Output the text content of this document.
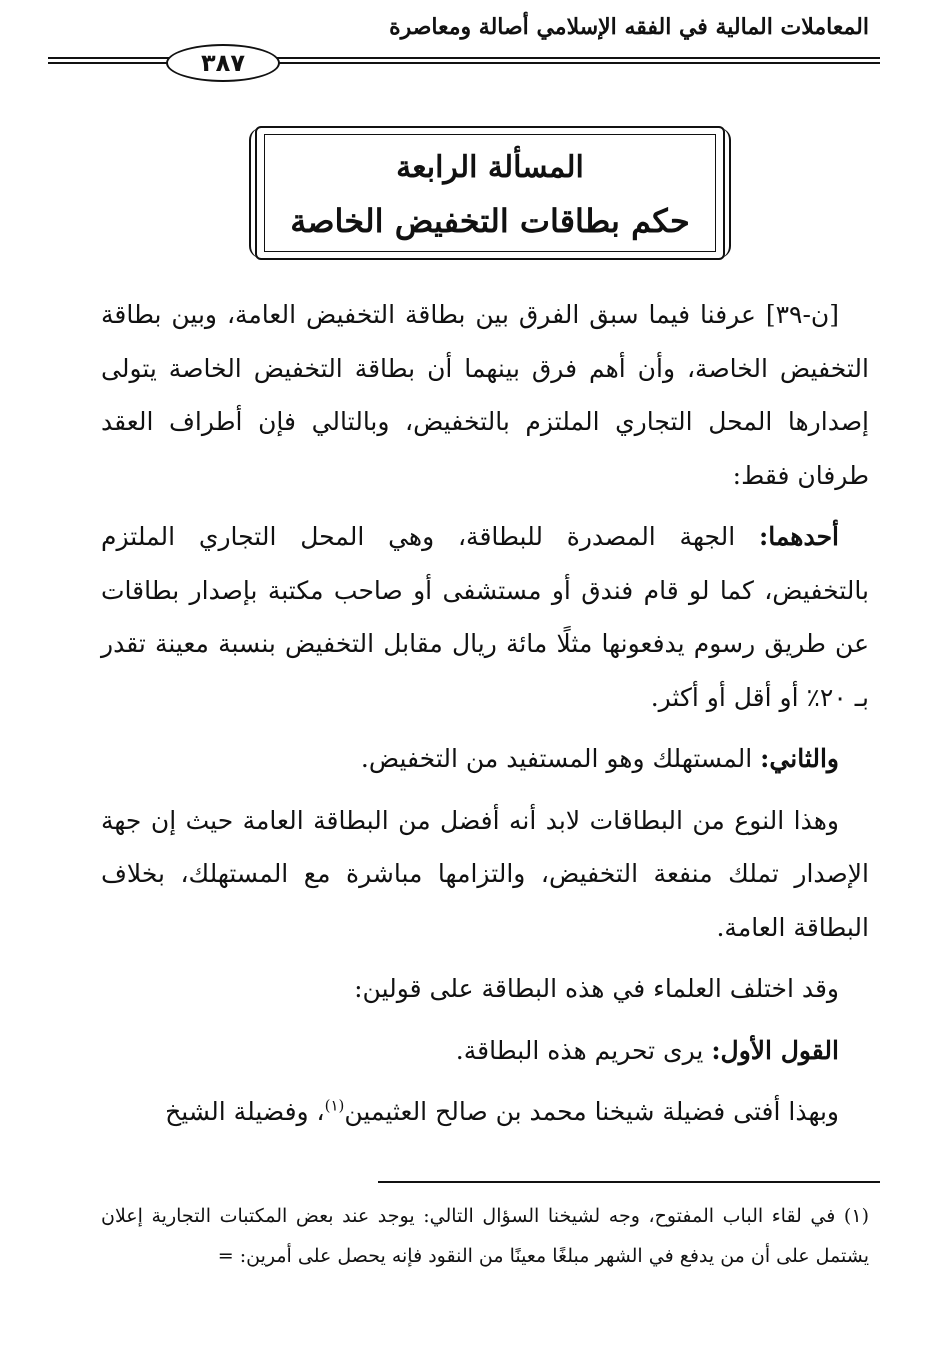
المعاملات المالية في الفقه الإسلامي أصالة ومعاصرة
٣٨٧
المسألة الرابعة
حكم بطاقات التخفيض الخاصة

[ن-٣٩] عرفنا فيما سبق الفرق بين بطاقة التخفيض العامة، وبين بطاقة التخفيض الخاصة، وأن أهم فرق بينهما أن بطاقة التخفيض الخاصة يتولى إصدارها المحل التجاري الملتزم بالتخفيض، وبالتالي فإن أطراف العقد طرفان فقط:

أحدهما: الجهة المصدرة للبطاقة، وهي المحل التجاري الملتزم بالتخفيض، كما لو قام فندق أو مستشفى أو صاحب مكتبة بإصدار بطاقات عن طريق رسوم يدفعونها مثلًا مائة ريال مقابل التخفيض بنسبة معينة تقدر بـ ٢٠٪ أو أقل أو أكثر.

والثاني: المستهلك وهو المستفيد من التخفيض.

وهذا النوع من البطاقات لابد أنه أفضل من البطاقة العامة حيث إن جهة الإصدار تملك منفعة التخفيض، والتزامها مباشرة مع المستهلك، بخلاف البطاقة العامة.

وقد اختلف العلماء في هذه البطاقة على قولين:

القول الأول: يرى تحريم هذه البطاقة.

وبهذا أفتى فضيلة شيخنا محمد بن صالح العثيمين$^{(١)}$، وفضيلة الشيخ

(١) في لقاء الباب المفتوح، وجه لشيخنا السؤال التالي: يوجد عند بعض المكتبات التجارية إعلان يشتمل على أن من يدفع في الشهر مبلغًا معينًا من النقود فإنه يحصل على أمرين: =
